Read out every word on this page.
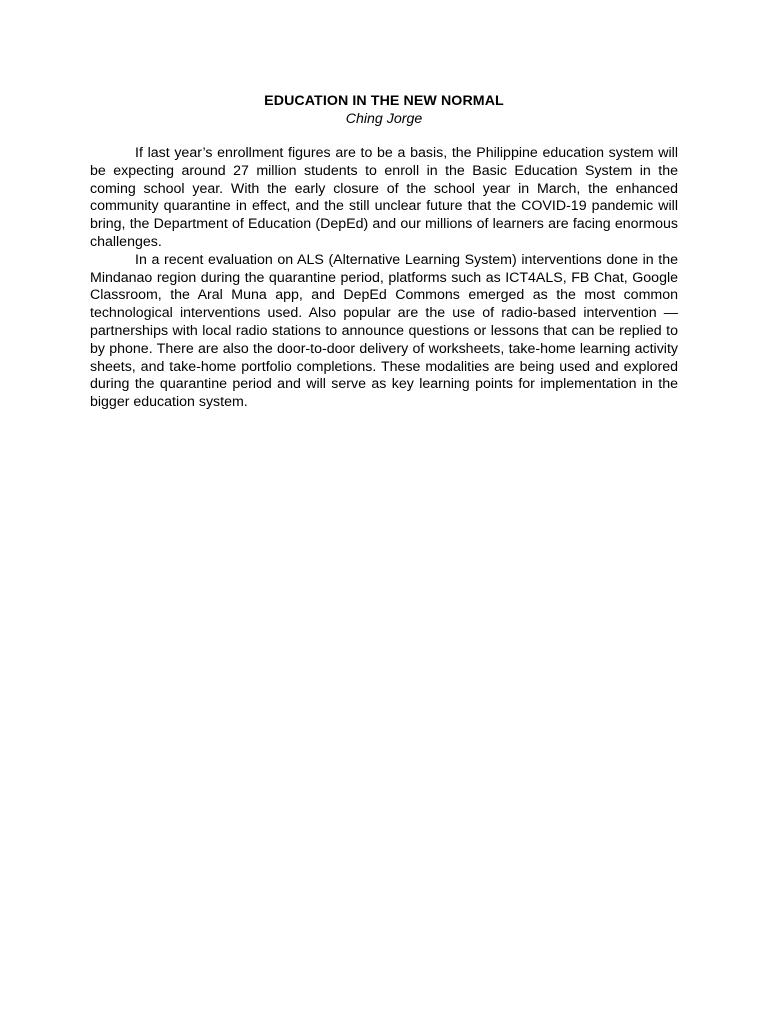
EDUCATION IN THE NEW NORMAL

Ching Jorge

If last year’s enrollment figures are to be a basis, the Philippine education system will be expecting around 27 million students to enroll in the Basic Education System in the coming school year. With the early closure of the school year in March, the enhanced community quarantine in effect, and the still unclear future that the COVID-19 pandemic will bring, the Department of Education (DepEd) and our millions of learners are facing enormous challenges.

In a recent evaluation on ALS (Alternative Learning System) interventions done in the Mindanao region during the quarantine period, platforms such as ICT4ALS, FB Chat, Google Classroom, the Aral Muna app, and DepEd Commons emerged as the most common technological interventions used. Also popular are the use of radio-based intervention — partnerships with local radio stations to announce questions or lessons that can be replied to by phone. There are also the door-to-door delivery of worksheets, take-home learning activity sheets, and take-home portfolio completions. These modalities are being used and explored during the quarantine period and will serve as key learning points for implementation in the bigger education system.
